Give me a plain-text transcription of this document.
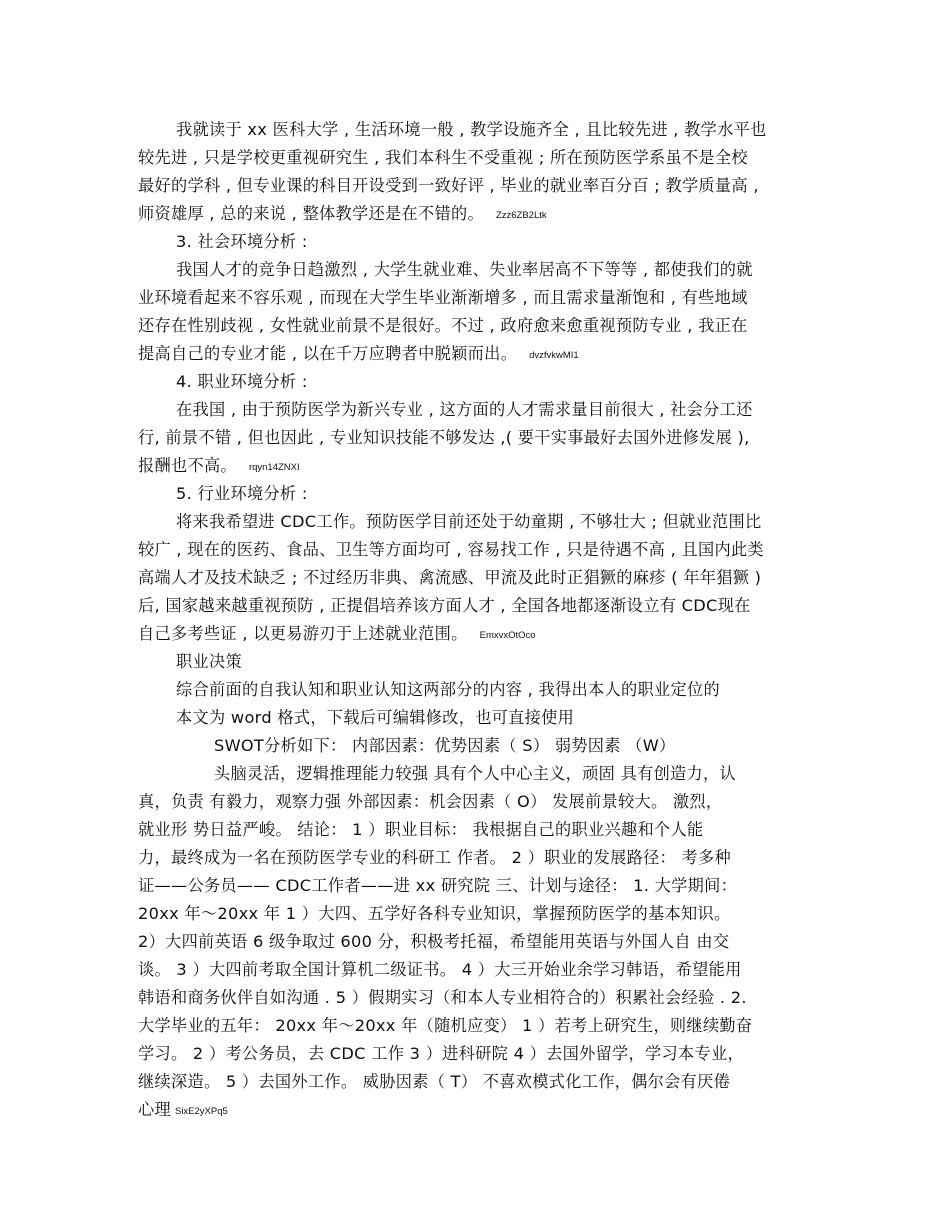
我就读于 xx 医科大学 , 生活环境一般 , 教学设施齐全 , 且比较先进 , 教学水平也
较先进 , 只是学校更重视研究生 , 我们本科生不受重视 ; 所在预防医学系虽不是全校
最好的学科 , 但专业课的科目开设受到一致好评 , 毕业的就业率百分百 ; 教学质量高 ,
师资雄厚 , 总的来说 , 整体教学还是在不错的。 Zzz6ZB2Ltk
3. 社会环境分析 :
我国人才的竞争日趋激烈 , 大学生就业难、失业率居高不下等等 , 都使我们的就
业环境看起来不容乐观 , 而现在大学生毕业渐渐增多 , 而且需求量渐饱和 , 有些地域
还存在性别歧视 , 女性就业前景不是很好。不过 , 政府愈来愈重视预防专业 , 我正在
提高自己的专业才能 , 以在千万应聘者中脱颖而出。 dvzfvkwMI1
4. 职业环境分析 :
在我国 , 由于预防医学为新兴专业 , 这方面的人才需求量目前很大 , 社会分工还
行, 前景不错 , 但也因此 , 专业知识技能不够发达 ,( 要干实事最好去国外进修发展 ),
报酬也不高。 rqyn14ZNXI
5. 行业环境分析 :
将来我希望进 CDC工作。预防医学目前还处于幼童期 , 不够壮大 ; 但就业范围比
较广 , 现在的医药、食品、卫生等方面均可 , 容易找工作 , 只是待遇不高 , 且国内此类
高端人才及技术缺乏 ; 不过经历非典、禽流感、甲流及此时正猖獗的麻疹 ( 年年猖獗 )
后, 国家越来越重视预防 , 正提倡培养该方面人才 , 全国各地都逐渐设立有 CDC现在
自己多考些证 , 以更易游刃于上述就业范围。 EmxvxOtOco
职业决策
综合前面的自我认知和职业认知这两部分的内容 , 我得出本人的职业定位的
本文为 word 格式，下载后可编辑修改，也可直接使用
SWOT分析如下： 内部因素：优势因素（ S） 弱势因素 （W）
头脑灵活，逻辑推理能力较强 具有个人中心主义，顽固 具有创造力，认
真，负责 有毅力，观察力强 外部因素：机会因素（ O） 发展前景较大。 激烈，
就业形 势日益严峻。 结论： 1 ）职业目标： 我根据自己的职业兴趣和个人能
力，最终成为一名在预防医学专业的科研工 作者。 2 ）职业的发展路径： 考多种
证——公务员—— CDC工作者——进 xx 研究院 三、计划与途径： 1. 大学期间：
20xx 年～20xx 年 1 ）大四、五学好各科专业知识，掌握预防医学的基本知识。
2）大四前英语 6 级争取过 600 分，积极考托福，希望能用英语与外国人自 由交
谈。 3 ）大四前考取全国计算机二级证书。 4 ）大三开始业余学习韩语，希望能用
韩语和商务伙伴自如沟通 . 5 ）假期实习（和本人专业相符合的）积累社会经验 . 2.
大学毕业的五年： 20xx 年～20xx 年（随机应变） 1 ）若考上研究生，则继续勤奋
学习。 2 ）考公务员，去 CDC 工作 3 ）进科研院 4 ）去国外留学，学习本专业，
继续深造。 5 ）去国外工作。 威胁因素（ T） 不喜欢模式化工作，偶尔会有厌倦
心理 SixE2yXPq5
